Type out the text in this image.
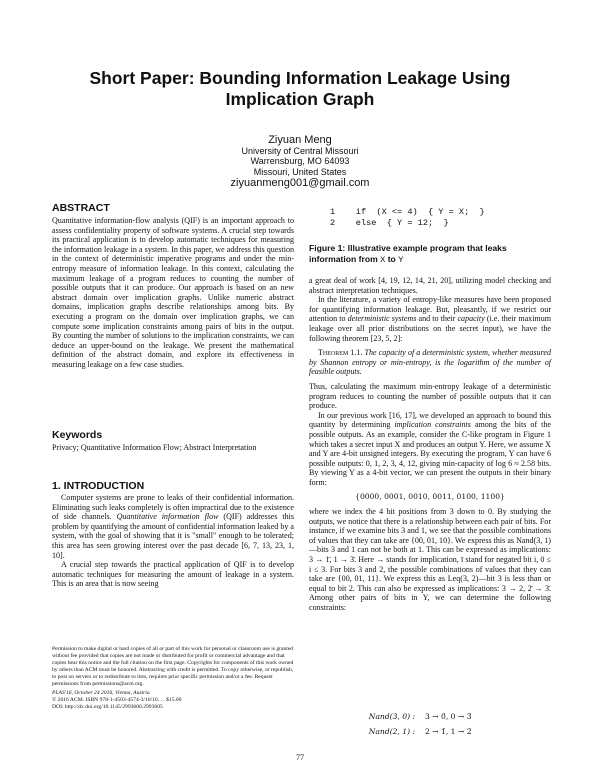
Short Paper: Bounding Information Leakage Using
Implication Graph
Ziyuan Meng
University of Central Missouri
Warrensburg, MO 64093
Missouri, United States
ziyuanmeng001@gmail.com
ABSTRACT

Quantitative information-flow analysis (QIF) is an important approach to assess confidentiality property of software systems. A crucial step towards its practical application is to develop automatic techniques for measuring the information leakage in a system. In this paper, we address this question in the context of deterministic imperative programs and under the min-entropy measure of information leakage. In this context, calculating the maximum leakage of a program reduces to counting the number of possible outputs that it can produce. Our approach is based on an new abstract domain over implication graphs. Unlike numeric abstract domains, implication graphs describe relationships among bits. By executing a program on the domain over implication graphs, we can compute some implication constraints among pairs of bits in the output. By counting the number of solutions to the implication constraints, we can deduce an upper-bound on the leakage. We present the mathematical definition of the abstract domain, and explore its effectiveness in measuring leakage on a few case studies.

Keywords
Privacy; Quantitative Information Flow; Abstract Interpretation
1. INTRODUCTION

Computer systems are prone to leaks of their confidential information. Eliminating such leaks completely is often impractical due to the existence of side channels. Quantitative information flow (QIF) addresses this problem by quantifying the amount of confidential information leaked by a system, with the goal of showing that it is "small" enough to be tolerated; this area has seen growing interest over the past decade [6, 7, 13, 23, 1, 10].

A crucial step towards the practical application of QIF is to develop automatic techniques for measuring the amount of leakage in a system. This is an area that is now seeing

Permission to make digital or hard copies of all or part of this work for personal or classroom use is granted without fee provided that copies are not made or distributed for profit or commercial advantage and that copies bear this notice and the full citation on the first page. Copyrights for components of this work owned by others than ACM must be honored. Abstracting with credit is permitted. To copy otherwise, or republish, to post on servers or to redistribute to lists, requires prior specific permission and/or a fee. Request permissions from permissions@acm.org.
PLAS'16, October 24 2016, Vienna, Austria
© 2016 ACM. ISBN 978-1-4503-4574-3/16/10. . . $15.00
DOI: http://dx.doi.org/10.1145/2993600.2993605
1    if  (X <= 4)  { Y = X;  }
2    else  { Y = 12;  }
Figure 1: Illustrative example program that leaks information from X to Y

a great deal of work [4, 19, 12, 14, 21, 20], utilizing model checking and abstract interpretation techniques.

In the literature, a variety of entropy-like measures have been proposed for quantifying information leakage. But, pleasantly, if we restrict our attention to deterministic systems and to their capacity (i.e. their maximum leakage over all prior distributions on the secret input), we have the following theorem [23, 5, 2]:

Theorem 1.1. The capacity of a deterministic system, whether measured by Shannon entropy or min-entropy, is the logarithm of the number of feasible outputs.

Thus, calculating the maximum min-entropy leakage of a deterministic program reduces to counting the number of possible outputs that it can produce.

In our previous work [16, 17], we developed an approach to bound this quantity by determining implication constraints among the bits of the possible outputs. As an example, consider the C-like program in Figure 1 which takes a secret input X and produces an output Y. Here, we assume X and Y are 4-bit unsigned integers. By executing the program, Y can have 6 possible outputs: 0, 1, 2, 3, 4, 12, giving min-capacity of log 6 ≈ 2.58 bits. By viewing Y as a 4-bit vector, we can present the outputs in their binary form:

{0000, 0001, 0010, 0011, 0100, 1100}

where we index the 4 bit positions from 3 down to 0. By studying the outputs, we notice that there is a relationship between each pair of bits. For instance, if we examine bits 3 and 1, we see that the possible combinations of values that they can take are {00, 01, 10}. We express this as Nand(3, 1)—bits 3 and 1 can not be both at 1. This can be expressed as implications: 3 → 1̄, 1 → 3̄. Here → stands for implication, ī stand for negated bit i, 0 ≤ i ≤ 3. For bits 3 and 2, the possible combinations of values that they can take are {00, 01, 11}. We express this as Leq(3, 2)—bit 3 is less than or equal to bit 2. This can also be expressed as implications: 3 → 2, 2̄ → 3̄. Among other pairs of bits in Y, we can determine the following constraints:

Nand(3, 0) : 3 → 0̄, 0 → 3̄
Nand(2, 1) : 2 → 1̄, 1 → 2̄
77
